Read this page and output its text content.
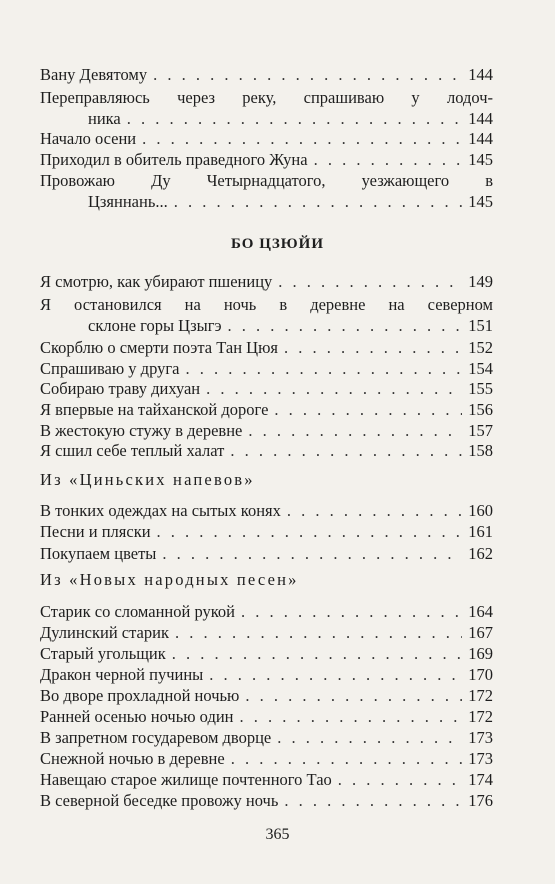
Вану Девятому . . .	144
Переправляюсь через реку, спрашиваю у лодоч-
ника . . .	144
Начало осени . . .	144
Приходил в обитель праведного Жуна . . .	145
Провожаю Ду Четырнадцатого, уезжающего в
Цзяннань... . . .	145
БО ЦЗЮЙИ
Я смотрю, как убирают пшеницу . . .	149
Я остановился на ночь в деревне на северном
склоне горы Цзыгэ . . .	151
Скорблю о смерти поэта Тан Цюя . . .	152
Спрашиваю у друга . . .	154
Собираю траву дихуан . . .	155
Я впервые на тайханской дороге . . .	156
В жестокую стужу в деревне . . .	157
Я сшил себе теплый халат . . .	158
Из «Циньских напевов»
В тонких одеждах на сытых конях . . .	160
Песни и пляски . . .	161
Покупаем цветы . . .	162
Из «Новых народных песен»
Старик со сломанной рукой . . .	164
Дулинский старик . . .	167
Старый угольщик . . .	169
Дракон черной пучины . . .	170
Во дворе прохладной ночью . . .	172
Ранней осенью ночью один . . .	172
В запретном государевом дворце . . .	173
Снежной ночью в деревне . . .	173
Навещаю старое жилище почтенного Тао . . .	174
В северной беседке провожу ночь . . .	176
365
